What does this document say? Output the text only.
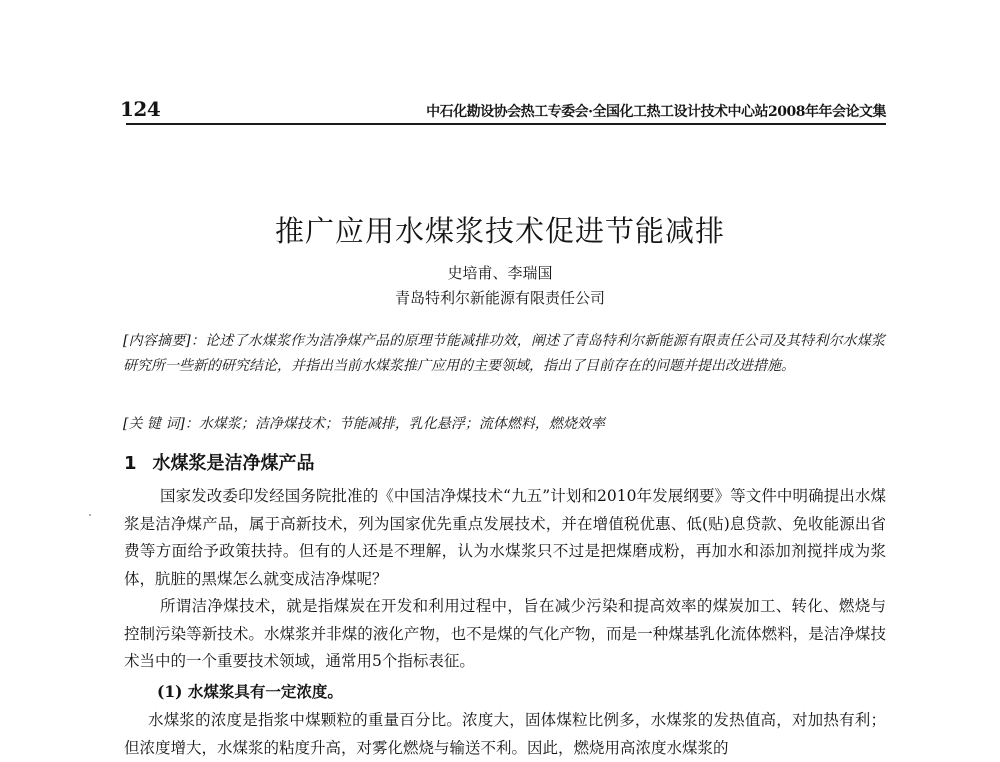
124	中石化勘设协会热工专委会·全国化工热工设计技术中心站2008年年会论文集
推广应用水煤浆技术促进节能减排
史培甫、李瑞国
青岛特利尔新能源有限责任公司
[内容摘要]：论述了水煤浆作为洁净煤产品的原理节能减排功效，阐述了青岛特利尔新能源有限责任公司及其特利尔水煤浆研究所一些新的研究结论，并指出当前水煤浆推广应用的主要领域，指出了目前存在的问题并提出改进措施。
[关 键 词]：水煤浆；洁净煤技术；节能减排，乳化悬浮；流体燃料，燃烧效率
1 水煤浆是洁净煤产品
国家发改委印发经国务院批准的《中国洁净煤技术“九五”计划和2010年发展纲要》等文件中明确提出水煤浆是洁净煤产品，属于高新技术，列为国家优先重点发展技术，并在增值税优惠、低(贴)息贷款、免收能源出省费等方面给予政策扶持。但有的人还是不理解，认为水煤浆只不过是把煤磨成粉，再加水和添加剂搅拌成为浆体，肮脏的黑煤怎么就变成洁净煤呢？
所谓洁净煤技术，就是指煤炭在开发和利用过程中，旨在减少污染和提高效率的煤炭加工、转化、燃烧与控制污染等新技术。水煤浆并非煤的液化产物，也不是煤的气化产物，而是一种煤基乳化流体燃料，是洁净煤技术当中的一个重要技术领域，通常用5个指标表征。
(1) 水煤浆具有一定浓度。
水煤浆的浓度是指浆中煤颗粒的重量百分比。浓度大，固体煤粒比例多，水煤浆的发热值高，对加热有利；但浓度增大，水煤浆的粘度升高，对雾化燃烧与输送不利。因此，燃烧用高浓度水煤浆的
